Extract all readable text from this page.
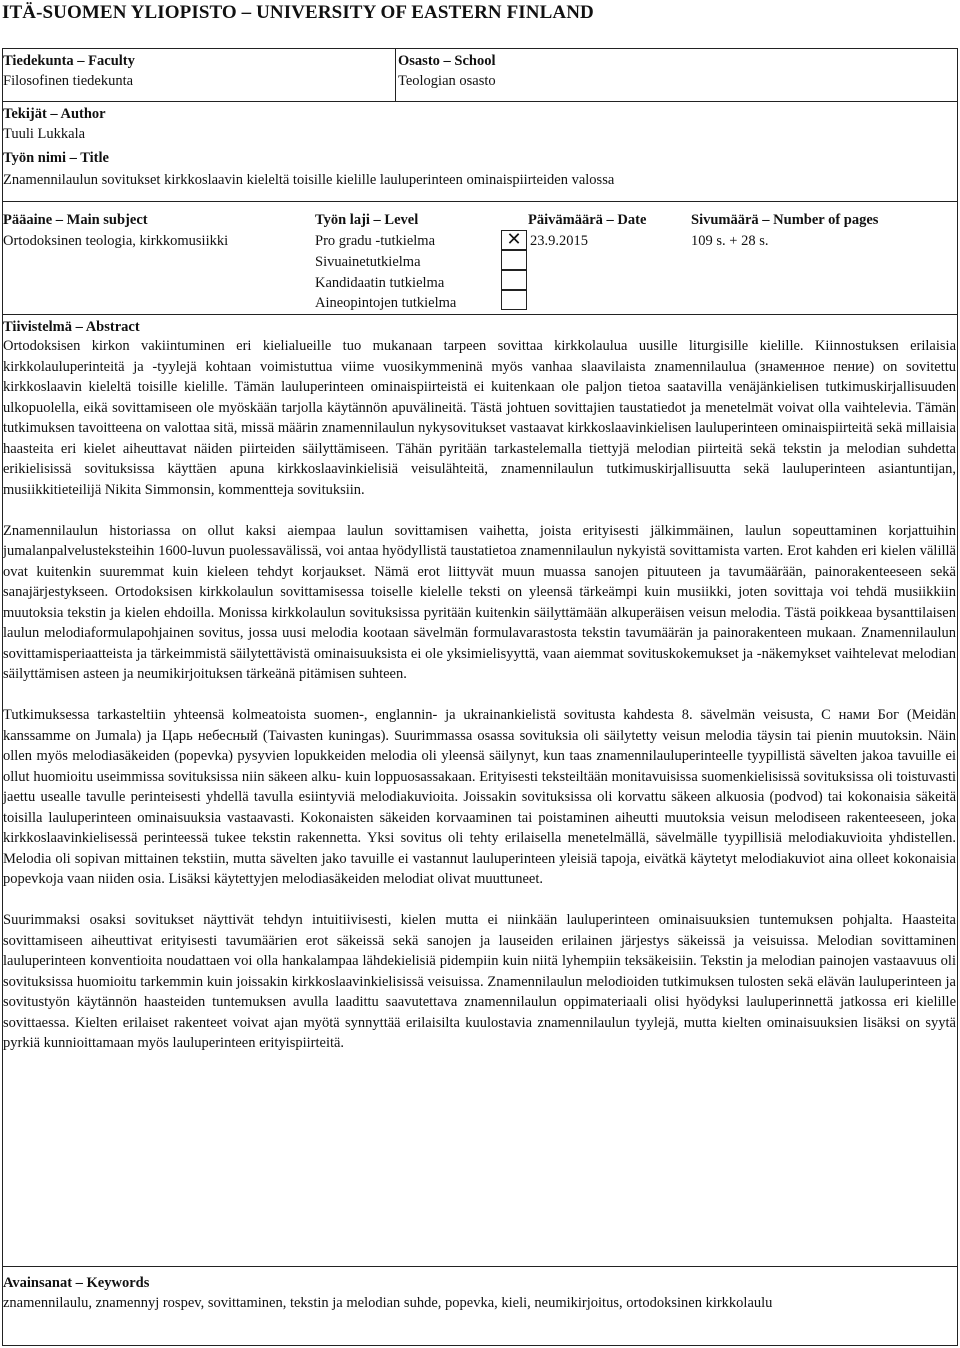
ITÄ-SUOMEN YLIOPISTO – UNIVERSITY OF EASTERN FINLAND
Tiedekunta – Faculty
Filosofinen tiedekunta
Osasto – School
Teologian osasto
Tekijät – Author
Tuuli Lukkala
Työn nimi – Title
Znamennilaulun sovitukset kirkkoslaavin kieleltä toisille kielille lauluperinteen ominaispiirteiden valossa
Pääaine – Main subject
Ortodoksinen teologia, kirkkomusiikki
Työn laji – Level
Pro gradu -tutkielma
Sivuainetutkielma
Kandidaatin tutkielma
Aineopintojen tutkielma
✕
Päivämäärä – Date
23.9.2015
Sivumäärä – Number of pages
109 s. + 28 s.
Tiivistelmä – Abstract

Ortodoksisen kirkon vakiintuminen eri kielialueille tuo mukanaan tarpeen sovittaa kirkkolaulua uusille liturgisille kielille. Kiinnostuksen erilaisia kirkkolauluperinteitä ja -tyylejä kohtaan voimistuttua viime vuosikymmeninä myös vanhaa slaavilaista znamennilaulua (знаменное пение) on sovitettu kirkkoslaavin kieleltä toisille kielille. Tämän lauluperinteen ominaispiirteistä ei kuitenkaan ole paljon tietoa saatavilla venäjänkielisen tutkimuskirjallisuuden ulkopuolella, eikä sovittamiseen ole myöskään tarjolla käytännön apuvälineitä. Tästä johtuen sovittajien taustatiedot ja menetelmät voivat olla vaihtelevia. Tämän tutkimuksen tavoitteena on valottaa sitä, missä määrin znamennilaulun nykysovitukset vastaavat kirkkoslaavinkielisen lauluperinteen ominaispiirteitä sekä millaisia haasteita eri kielet aiheuttavat näiden piirteiden säilyttämiseen. Tähän pyritään tarkastelemalla tiettyjä melodian piirteitä sekä tekstin ja melodian suhdetta erikielisissä sovituksissa käyttäen apuna kirkkoslaavinkielisiä veisulähteitä, znamennilaulun tutkimuskirjallisuutta sekä lauluperinteen asiantuntijan, musiikkitieteilijä Nikita Simmonsin, kommentteja sovituksiin.

Znamennilaulun historiassa on ollut kaksi aiempaa laulun sovittamisen vaihetta, joista erityisesti jälkimmäinen, laulun sopeuttaminen korjattuihin jumalanpalvelusteksteihin 1600-luvun puolessavälissä, voi antaa hyödyllistä taustatietoa znamennilaulun nykyistä sovittamista varten. Erot kahden eri kielen välillä ovat kuitenkin suuremmat kuin kieleen tehdyt korjaukset. Nämä erot liittyvät muun muassa sanojen pituuteen ja tavumäärään, painorakenteeseen sekä sanajärjestykseen. Ortodoksisen kirkkolaulun sovittamisessa toiselle kielelle teksti on yleensä tärkeämpi kuin musiikki, joten sovittaja voi tehdä musiikkiin muutoksia tekstin ja kielen ehdoilla. Monissa kirkkolaulun sovituksissa pyritään kuitenkin säilyttämään alkuperäisen veisun melodia. Tästä poikkeaa bysanttilaisen laulun melodiaformulapohjainen sovitus, jossa uusi melodia kootaan sävelmän formulavarastosta tekstin tavumäärän ja painorakenteen mukaan. Znamennilaulun sovittamisperiaatteista ja tärkeimmistä säilytettävistä ominaisuuksista ei ole yksimielisyyttä, vaan aiemmat sovituskokemukset ja -näkemykset vaihtelevat melodian säilyttämisen asteen ja neumikirjoituksen tärkeänä pitämisen suhteen.

Tutkimuksessa tarkasteltiin yhteensä kolmeatoista suomen-, englannin- ja ukrainankielistä sovitusta kahdesta 8. sävelmän veisusta, С нами Бог (Meidän kanssamme on Jumala) ja Царь небесный (Taivasten kuningas). Suurimmassa osassa sovituksia oli säilytetty veisun melodia täysin tai pienin muutoksin. Näin ollen myös melodiasäkeiden (popevka) pysyvien lopukkeiden melodia oli yleensä säilynyt, kun taas znamennilauluperinteelle tyypillistä sävelten jakoa tavuille ei ollut huomioitu useimmissa sovituksissa niin säkeen alku- kuin loppuosassakaan. Erityisesti teksteiltään monitavuisissa suomenkielisissä sovituksissa oli toistuvasti jaettu usealle tavulle perinteisesti yhdellä tavulla esiintyviä melodiakuvioita. Joissakin sovituksissa oli korvattu säkeen alkuosia (podvod) tai kokonaisia säkeitä toisilla lauluperinteen ominaisuuksia vastaavasti. Kokonaisten säkeiden korvaaminen tai poistaminen aiheutti muutoksia veisun melodiseen rakenteeseen, joka kirkkoslaavinkielisessä perinteessä tukee tekstin rakennetta. Yksi sovitus oli tehty erilaisella menetelmällä, sävelmälle tyypillisiä melodiakuvioita yhdistellen. Melodia oli sopivan mittainen tekstiin, mutta sävelten jako tavuille ei vastannut lauluperinteen yleisiä tapoja, eivätkä käytetyt melodiakuviot aina olleet kokonaisia popevkoja vaan niiden osia. Lisäksi käytettyjen melodiasäkeiden melodiat olivat muuttuneet.

Suurimmaksi osaksi sovitukset näyttivät tehdyn intuitiivisesti, kielen mutta ei niinkään lauluperinteen ominaisuuksien tuntemuksen pohjalta. Haasteita sovittamiseen aiheuttivat erityisesti tavumäärien erot säkeissä sekä sanojen ja lauseiden erilainen järjestys säkeissä ja veisuissa. Melodian sovittaminen lauluperinteen konventioita noudattaen voi olla hankalampaa lähdekielisiä pidempiin kuin niitä lyhempiin teksäkeisiin. Tekstin ja melodian painojen vastaavuus oli sovituksissa huomioitu tarkemmin kuin joissakin kirkkoslaavinkielisissä veisuissa. Znamennilaulun melodioiden tutkimuksen tulosten sekä elävän lauluperinteen ja sovitustyön käytännön haasteiden tuntemuksen avulla laadittu saavutettava znamennilaulun oppimateriaali olisi hyödyksi lauluperinnettä jatkossa eri kielille sovittaessa. Kielten erilaiset rakenteet voivat ajan myötä synnyttää erilaisilta kuulostavia znamennilaulun tyylejä, mutta kielten ominaisuuksien lisäksi on syytä pyrkiä kunnioittamaan myös lauluperinteen erityispiirteitä.

Avainsanat – Keywords
znamennilaulu, znamennyj rospev, sovittaminen, tekstin ja melodian suhde, popevka, kieli, neumikirjoitus, ortodoksinen kirkkolaulu
